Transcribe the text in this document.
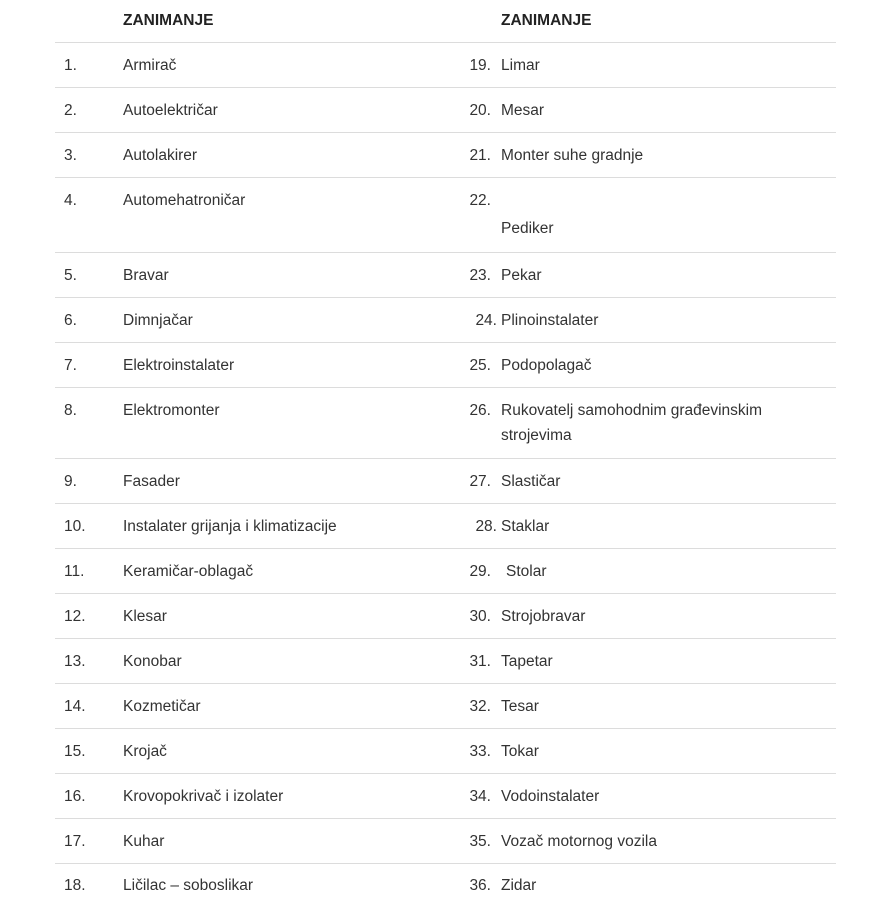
	ZANIMANJE		ZANIMANJE
1.	Armirač	19.	Limar
2.	Autoelektričar	20.	Mesar
3.	Autolakirer	21.	Monter suhe gradnje
4.	Automehatroničar	22.	Pediker

5.	Bravar	23.	Pekar
6.	Dimnjačar	24.	Plinoinstalater
7.	Elektroinstalater	25.	Podopolagač
8.	Elektromonter	26.	Rukovatelj samohodnim građevinskim strojevima
9.	Fasader	27.	Slastičar
10.	Instalater grijanja i klimatizacije	28.	Staklar
11.	Keramičar-oblagač	29.	Stolar
12.	Klesar	30.	Strojobravar
13.	Konobar	31.	Tapetar
14.	Kozmetičar	32.	Tesar
15.	Krojač	33.	Tokar
16.	Krovopokrivač i izolater	34.	Vodoinstalater
17.	Kuhar	35.	Vozač motornog vozila
18.	Ličilac – soboslikar	36.	Zidar
